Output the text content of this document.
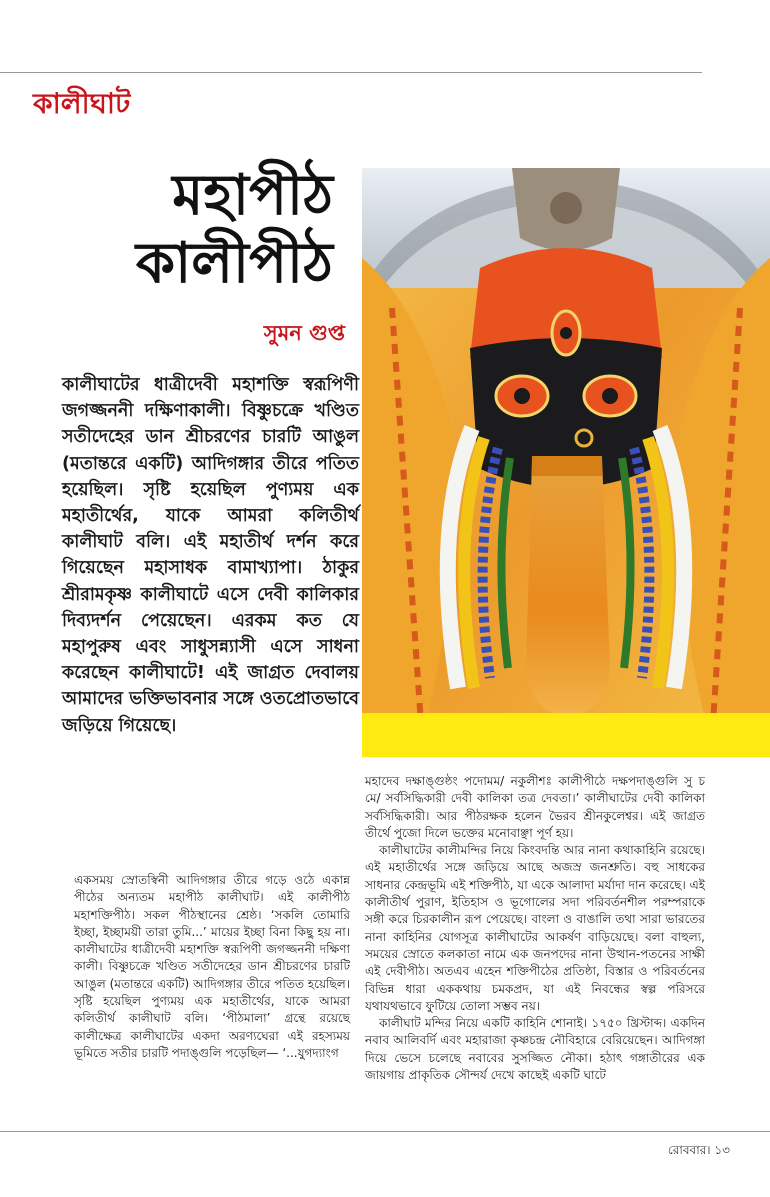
কালীঘাট
মহাপীঠ
কালীপীঠ
সুমন গুপ্ত

কালীঘাটের ধাত্রীদেবী মহাশক্তি স্বরূপিণী জগজ্জননী দক্ষিণাকালী। বিষ্ণুচক্রে খণ্ডিত সতীদেহের ডান শ্রীচরণের চারটি আঙুল (মতান্তরে একটি) আদিগঙ্গার তীরে পতিত হয়েছিল। সৃষ্টি হয়েছিল পুণ্যময় এক মহাতীর্থের, যাকে আমরা কলিতীর্থ কালীঘাট বলি। এই মহাতীর্থ দর্শন করে গিয়েছেন মহাসাধক বামাখ্যাপা। ঠাকুর শ্রীরামকৃষ্ণ কালীঘাটে এসে দেবী কালিকার দিব্যদর্শন পেয়েছেন। এরকম কত যে মহাপুরুষ এবং সাধুসন্ন্যাসী এসে সাধনা করেছেন কালীঘাটে! এই জাগ্রত দেবালয় আমাদের ভক্তিভাবনার সঙ্গে ওতপ্রোতভাবে জড়িয়ে গিয়েছে।

একসময় স্রোতস্বিনী আদিগঙ্গার তীরে গড়ে ওঠে একান্ন পীঠের অন্যতম মহাপীঠ কালীঘাট। এই কালীপীঠ মহাশক্তিপীঠ। সকল পীঠস্থানের শ্রেষ্ঠ। ‘সকলি তোমারি ইচ্ছা, ইচ্ছাময়ী তারা তুমি...’ মায়ের ইচ্ছা বিনা কিছু হয় না। কালীঘাটের ধাত্রীদেবী মহাশক্তি স্বরূপিণী জগজ্জননী দক্ষিণা কালী। বিষ্ণুচক্রে খণ্ডিত সতীদেহের ডান শ্রীচরণের চারটি আঙুল (মতান্তরে একটি) আদিগঙ্গার তীরে পতিত হয়েছিল। সৃষ্টি হয়েছিল পুণ্যময় এক মহাতীর্থের, যাকে আমরা কলিতীর্থ কালীঘাট বলি। ‘পীঠমালা’ গ্রন্থে রয়েছে কালীক্ষেত্র কালীঘাটের একদা অরণ্যঘেরা এই রহস্যময় ভূমিতে সতীর চারটি পদাঙ্গুলি পড়েছিল— ‘...যুগদ্যাংগ

মহাদেব দক্ষাঙ্গুষ্ঠং পদোমম/ নকুলীশঃ কালীপীঠে দক্ষপদাঙ্গুলি সু চ মে/ সর্বসিদ্ধিকারী দেবী কালিকা তত্র দেবতা।’ কালীঘাটের দেবী কালিকা সর্বসিদ্ধিকারী। আর পীঠরক্ষক হলেন ভৈরব শ্রীনকুলেশ্বর। এই জাগ্রত তীর্থে পুজো দিলে ভক্তের মনোবাঞ্ছা পূর্ণ হয়।

কালীঘাটের কালীমন্দির নিয়ে কিংবদন্তি আর নানা কথাকাহিনি রয়েছে। এই মহাতীর্থের সঙ্গে জড়িয়ে আছে অজস্র জনশ্রুতি। বহু সাধকের সাধনার কেন্দ্রভূমি এই শক্তিপীঠ, যা একে আলাদা মর্যাদা দান করেছে। এই কালীতীর্থ পুরাণ, ইতিহাস ও ভূগোলের সদা পরিবর্তনশীল পরম্পরাকে সঙ্গী করে চিরকালীন রূপ পেয়েছে। বাংলা ও বাঙালি তথা সারা ভারতের নানা কাহিনির যোগসূত্র কালীঘাটের আকর্ষণ বাড়িয়েছে। বলা বাহুল্য, সময়ের স্রোতে কলকাতা নামে এক জনপদের নানা উত্থান-পতনের সাক্ষী এই দেবীপীঠ। অতএব এহেন শক্তিপীঠের প্রতিষ্ঠা, বিস্তার ও পরিবর্তনের বিভিন্ন ধারা এককথায় চমকপ্রদ, যা এই নিবন্ধের স্বল্প পরিসরে যথাযথভাবে ফুটিয়ে তোলা সম্ভব নয়।

কালীঘাট মন্দির নিয়ে একটি কাহিনি শোনাই। ১৭৫০ খ্রিস্টাব্দ। একদিন নবাব আলিবর্দি এবং মহারাজা কৃষ্ণচন্দ্র নৌবিহারে বেরিয়েছেন। আদিগঙ্গা দিয়ে ভেসে চলেছে নবাবের সুসজ্জিত নৌকা। হঠাৎ গঙ্গাতীরের এক জায়গায় প্রাকৃতিক সৌন্দর্য দেখে কাছেই একটি ঘাটে

রোববার। ১৩
